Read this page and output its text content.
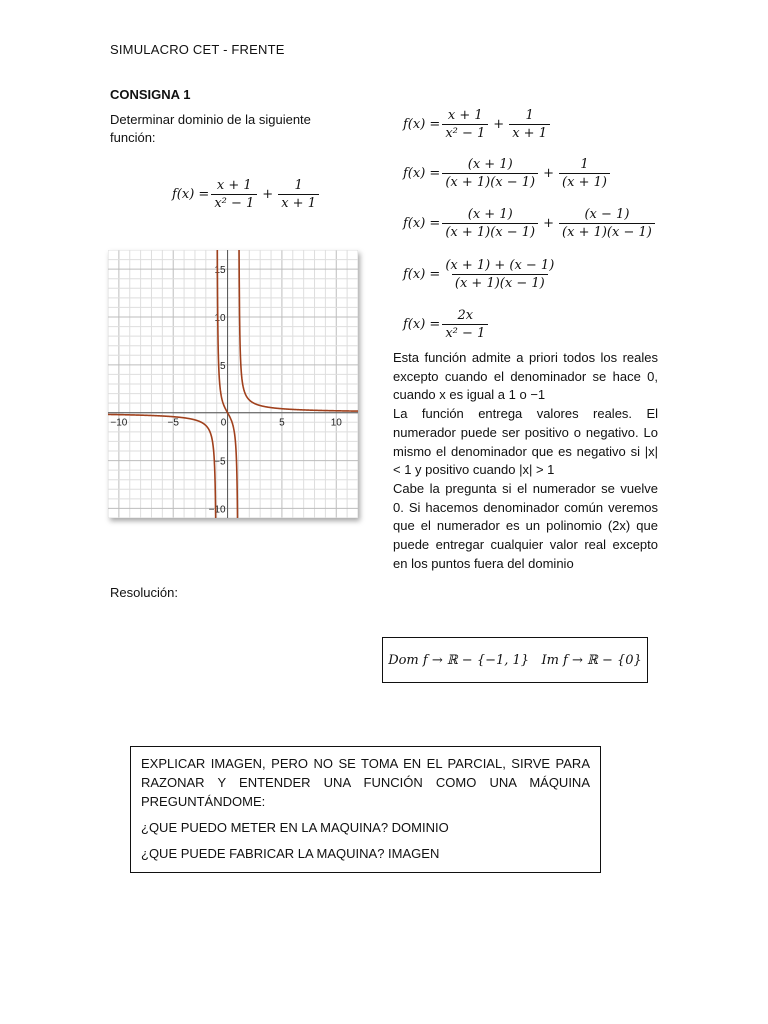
SIMULACRO CET - FRENTE
CONSIGNA 1
Determinar dominio de la siguiente función:
$f(x) = \frac{x + 1}{\text{x² − 1}} + \frac{1}{x + 1}$
$f(x) = \frac{x + 1}{\text{x² − 1}} + \frac{1}{x + 1}$
$f(x) = \frac{(x + 1)}{(x + 1)(x - 1)} + \frac{1}{(x + 1)}$
$f(x) = \frac{(x + 1)}{(x + 1)(x - 1)} + \frac{(x - 1)}{(x + 1)(x - 1)}$
$f(x) = \frac{(x + 1) + (x - 1)}{(x + 1)(x - 1)}$
$f(x) = \frac{2x}{\text{x² − 1}}$

Esta función admite a priori todos los reales excepto cuando el denominador se hace 0, cuando x es igual a 1 o −1

La función entrega valores reales. El numerador puede ser positivo o negativo. Lo mismo el denominador que es negativo si |x| < 1 y positivo cuando |x| > 1

Cabe la pregunta si el numerador se vuelve 0. Si hacemos denominador común veremos que el numerador es un polinomio (2x) que puede entregar cualquier valor real excepto en los puntos fuera del dominio

−10	−5	0	5	10
15
10
5
−5
−10
Resolución:
Dom f → ℝ − {−1, 1}   Im f → ℝ − {0}

EXPLICAR IMAGEN, PERO NO SE TOMA EN EL PARCIAL, SIRVE PARA RAZONAR Y ENTENDER UNA FUNCIÓN COMO UNA MÁQUINA PREGUNTÁNDOME:

¿QUE PUEDO METER EN LA MAQUINA? DOMINIO

¿QUE PUEDE FABRICAR LA MAQUINA? IMAGEN
